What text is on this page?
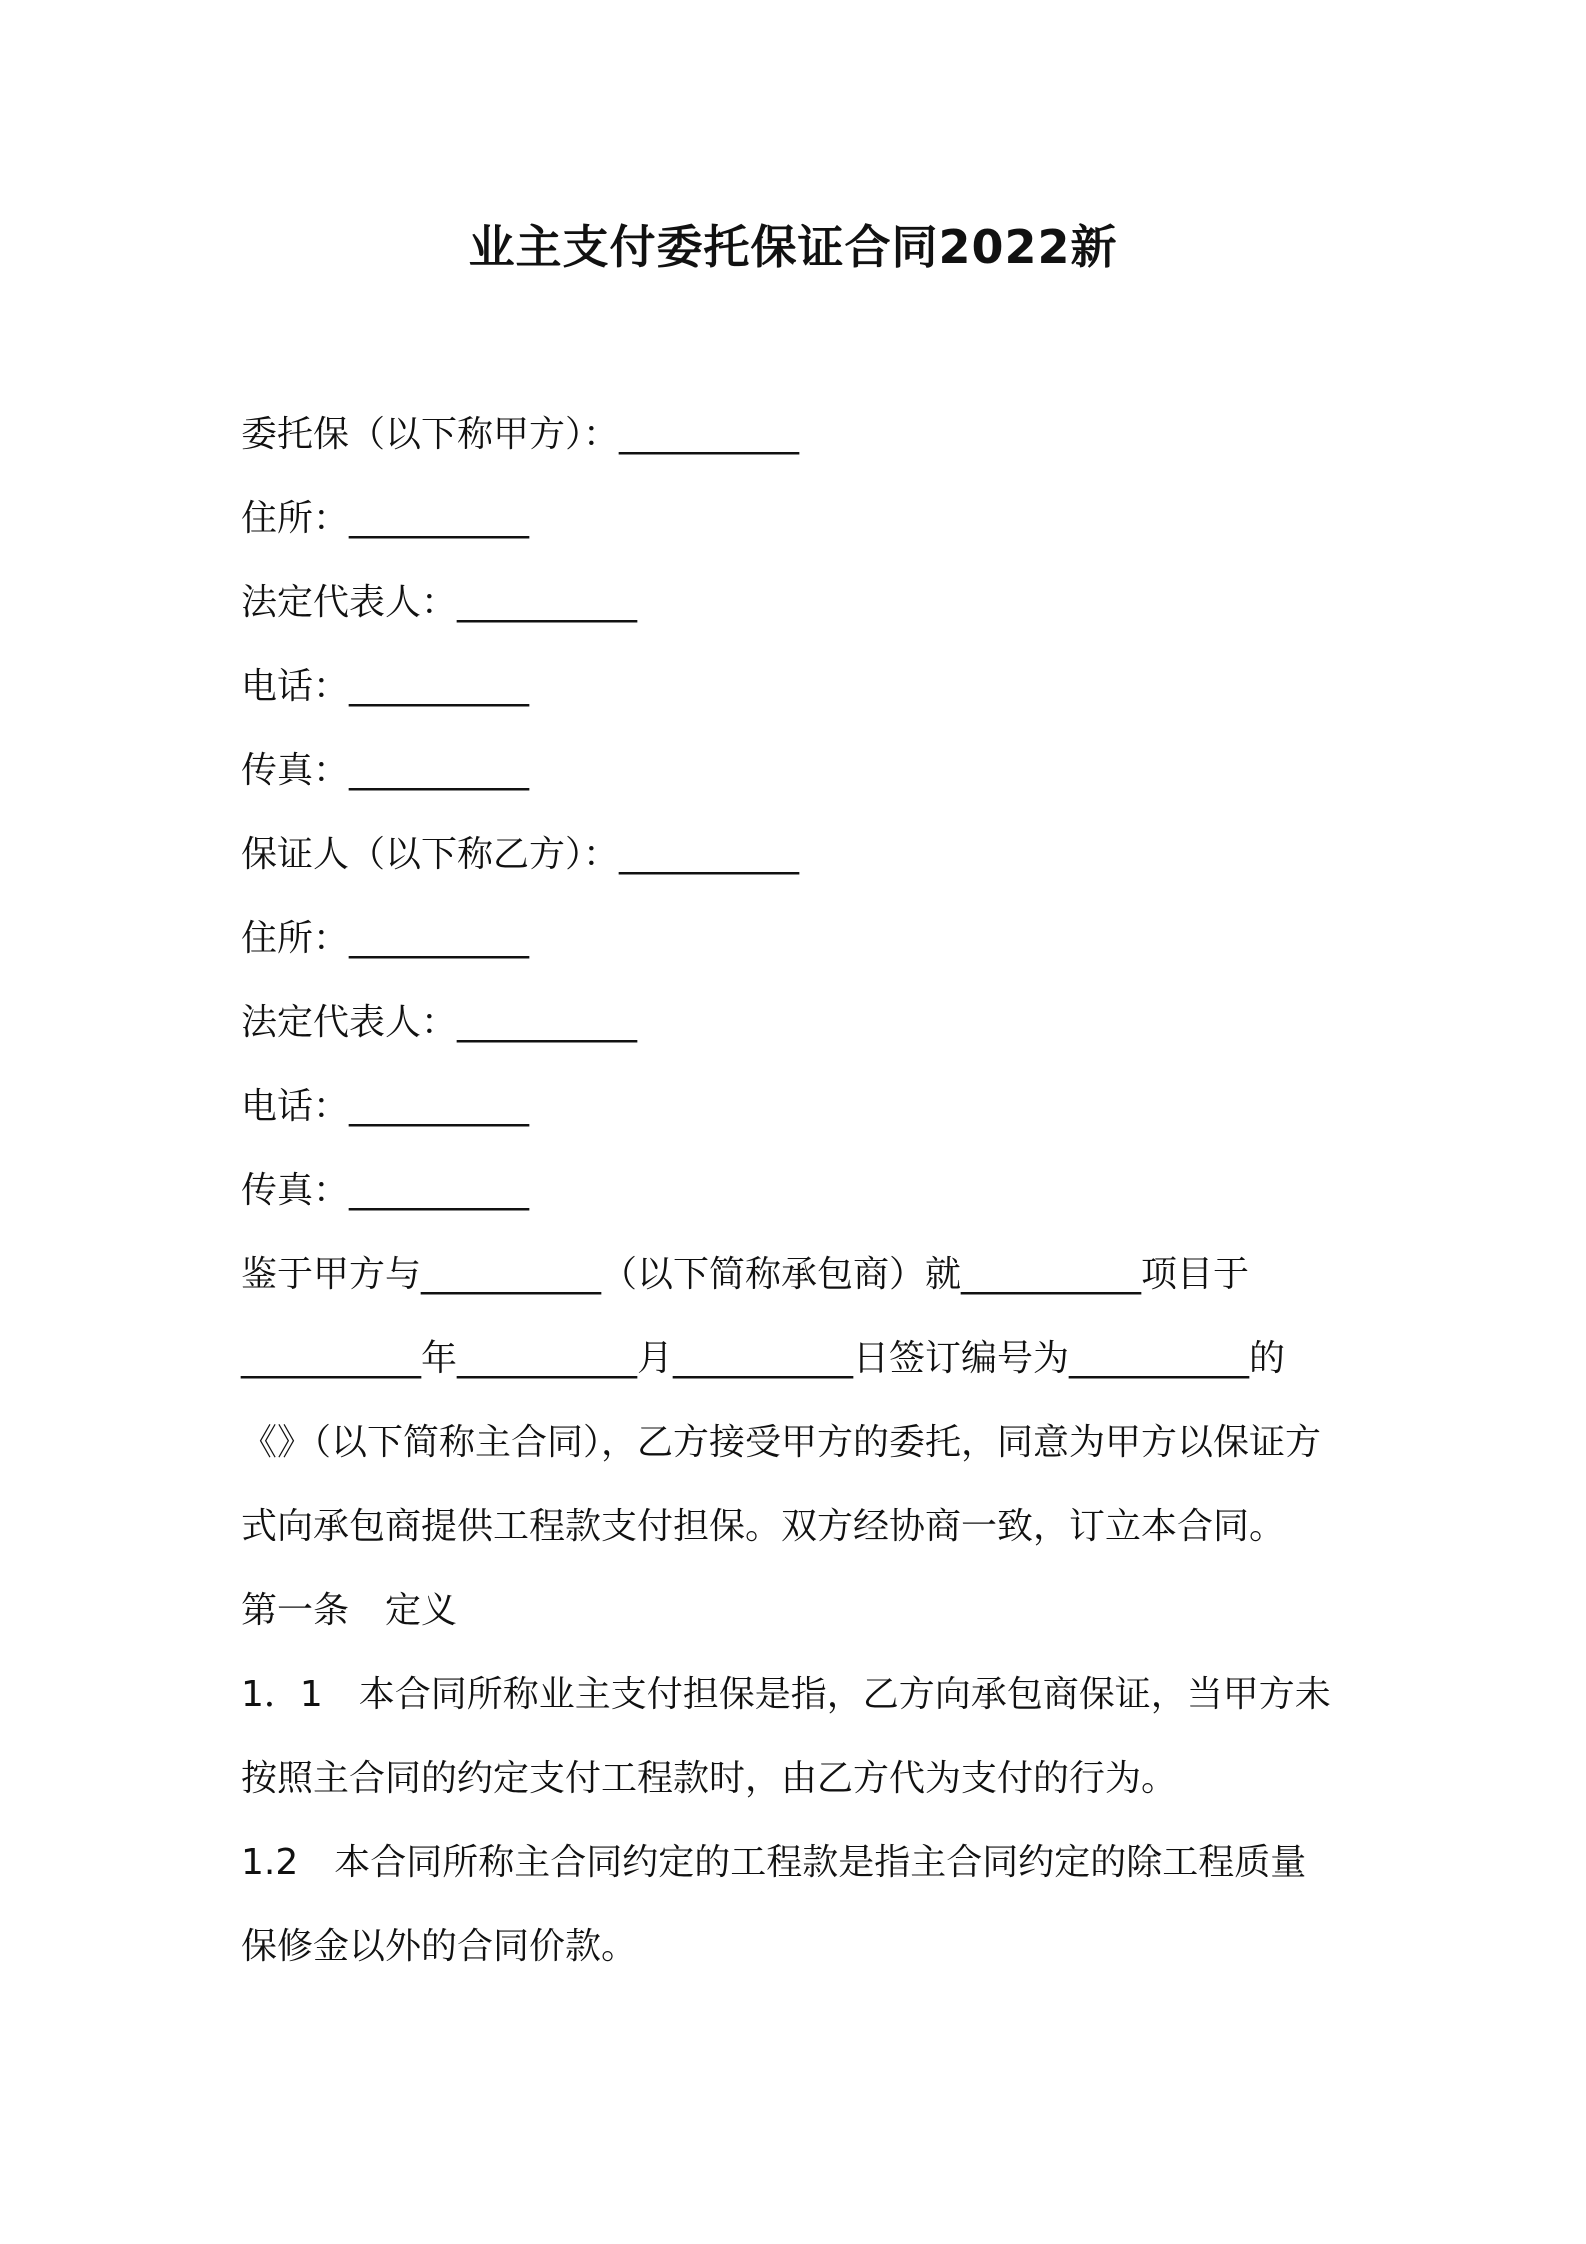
业主支付委托保证合同2022新
委托保（以下称甲方）：__________
住所：__________
法定代表人：__________
电话：__________
传真：__________
保证人（以下称乙方）：__________
住所：__________
法定代表人：__________
电话：__________
传真：__________
鉴于甲方与__________（以下简称承包商）就__________项目于
__________年__________月__________日签订编号为__________的
《》（以下简称主合同），乙方接受甲方的委托，同意为甲方以保证方
式向承包商提供工程款支付担保。双方经协商一致，订立本合同。
第一条　定义
1．1　本合同所称业主支付担保是指，乙方向承包商保证，当甲方未
按照主合同的约定支付工程款时，由乙方代为支付的行为。
1.2　本合同所称主合同约定的工程款是指主合同约定的除工程质量
保修金以外的合同价款。
